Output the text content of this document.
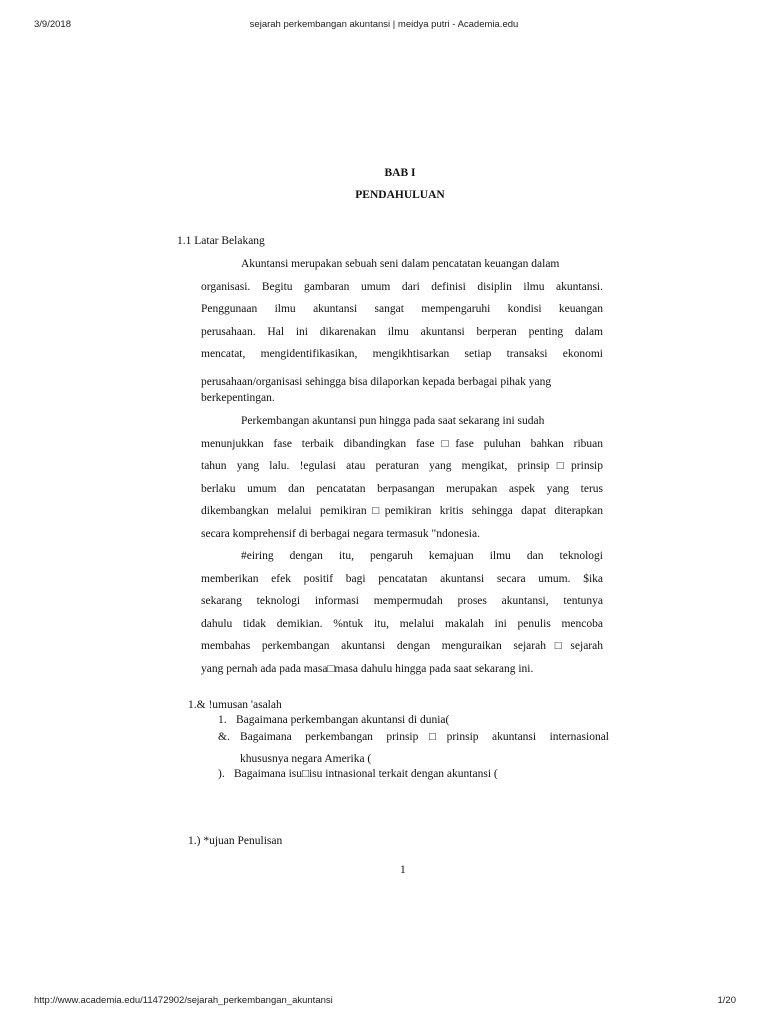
3/9/2018	sejarah perkembangan akuntansi | meidya putri - Academia.edu
BAB I
PENDAHULUAN
1.1 Latar Belakang
Akuntansi merupakan sebuah seni dalam pencatatan keuangan dalam
organisasi. Begitu gambaran umum dari definisi disiplin ilmu akuntansi.
Penggunaan ilmu akuntansi sangat mempengaruhi kondisi keuangan
perusahaan. Hal ini dikarenakan ilmu akuntansi berperan penting dalam
mencatat, mengidentifikasikan, mengikhtisarkan setiap transaksi ekonomi
perusahaan/organisasi sehingga bisa dilaporkan kepada berbagai pihak yang
berkepentingan.
Perkembangan akuntansi pun hingga pada saat sekarang ini sudah
menunjukkan fase terbaik dibandingkan fase□fase puluhan bahkan ribuan
tahun yang lalu. !egulasi atau peraturan yang mengikat, prinsip□prinsip
berlaku umum dan pencatatan berpasangan merupakan aspek yang terus
dikembangkan melalui pemikiran□pemikiran kritis sehingga dapat diterapkan
secara komprehensif di berbagai negara termasuk "ndonesia.
#eiring dengan itu, pengaruh kemajuan ilmu dan teknologi
memberikan efek positif bagi pencatatan akuntansi secara umum. $ika
sekarang teknologi informasi mempermudah proses akuntansi, tentunya
dahulu tidak demikian. %ntuk itu, melalui makalah ini penulis mencoba
membahas perkembangan akuntansi dengan menguraikan sejarah□sejarah
yang pernah ada pada masa□masa dahulu hingga pada saat sekarang ini.
1.& !umusan 'asalah
1. Bagaimana perkembangan akuntansi di dunia(
&. Bagaimana perkembangan prinsip□prinsip akuntansi internasional
khususnya negara Amerika (
). Bagaimana isu□isu intnasional terkait dengan akuntansi (
1.) *ujuan Penulisan
1
http://www.academia.edu/11472902/sejarah_perkembangan_akuntansi	1/20
